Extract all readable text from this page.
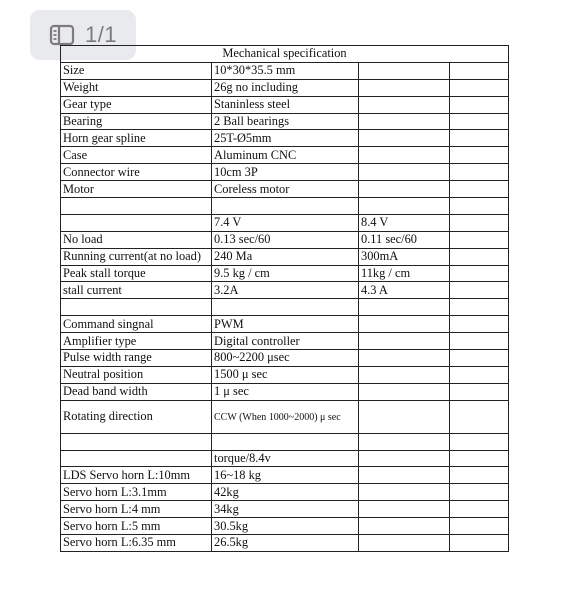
1/1
Mechanical specification			
Size	10*30*35.5 mm		
Weight	26g no including		
Gear type	Staninless steel		
Bearing	2 Ball bearings		
Horn gear spline	25T-Ø5mm		
Case	Aluminum CNC		
Connector wire	10cm 3P		
Motor	Coreless motor		

	7.4 V	8.4 V	
No load	0.13 sec/60	0.11 sec/60	
Running current(at no load)	240 Ma	300mA	
Peak stall torque	9.5 kg / cm	11kg / cm	
stall current	3.2A	4.3 A	

Command singnal	PWM		
Amplifier type	Digital controller		
Pulse width range	800~2200 μsec		
Neutral position	1500 μ sec		
Dead band width	1 μ sec		
Rotating direction	CCW (When 1000~2000) μ sec		

	torque/8.4v		
LDS Servo horn L:10mm	16~18 kg		
Servo horn L:3.1mm	42kg		
Servo horn L:4 mm	34kg		
Servo horn L:5 mm	30.5kg		
Servo horn L:6.35 mm	26.5kg		
